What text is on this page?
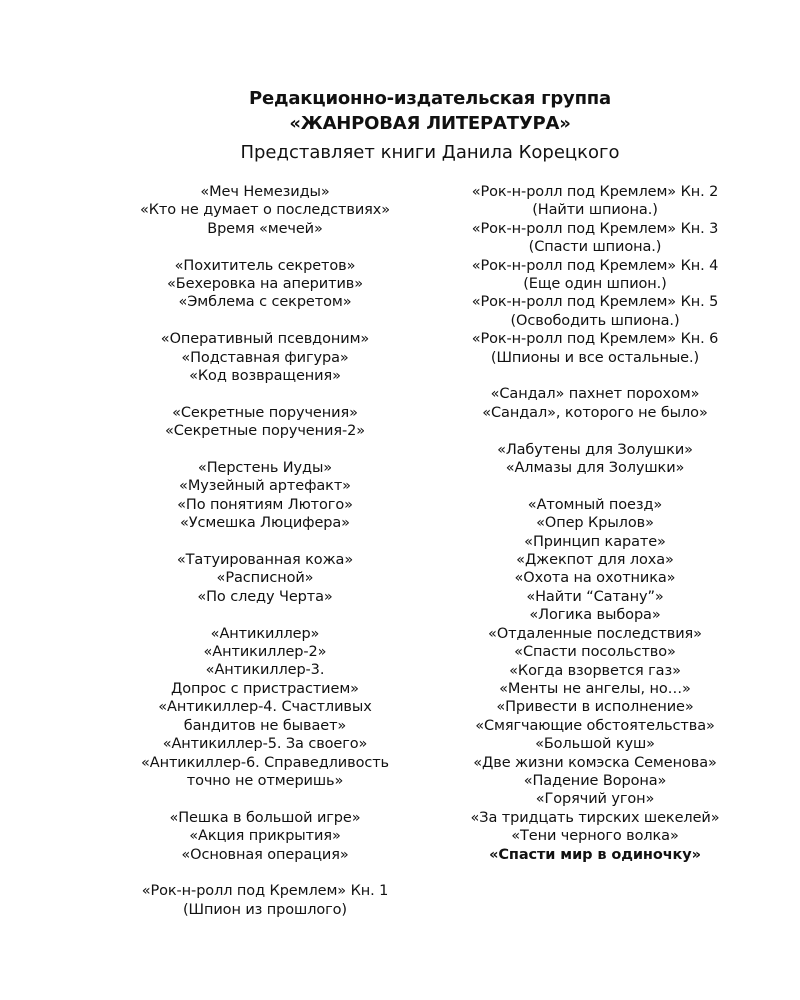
Редакционно-издательская группа
«ЖАНРОВАЯ ЛИТЕРАТУРА»
Представляет книги Данила Корецкого
«Меч Немезиды»
«Кто не думает о последствиях»
Время «мечей»
«Похититель секретов»
«Бехеровка на аперитив»
«Эмблема с секретом»
«Оперативный псевдоним»
«Подставная фигура»
«Код возвращения»
«Секретные поручения»
«Секретные поручения-2»
«Перстень Иуды»
«Музейный артефакт»
«По понятиям Лютого»
«Усмешка Люцифера»
«Татуированная кожа»
«Расписной»
«По следу Черта»
«Антикиллер»
«Антикиллер-2»
«Антикиллер-3.
Допрос с пристрастием»
«Антикиллер-4. Счастливых
бандитов не бывает»
«Антикиллер-5. За своего»
«Антикиллер-6. Справедливость
точно не отмеришь»
«Пешка в большой игре»
«Акция прикрытия»
«Основная операция»
«Рок-н-ролл под Кремлем» Кн. 1
(Шпион из прошлого)
«Рок-н-ролл под Кремлем» Кн. 2
(Найти шпиона.)
«Рок-н-ролл под Кремлем» Кн. 3
(Спасти шпиона.)
«Рок-н-ролл под Кремлем» Кн. 4
(Еще один шпион.)
«Рок-н-ролл под Кремлем» Кн. 5
(Освободить шпиона.)
«Рок-н-ролл под Кремлем» Кн. 6
(Шпионы и все остальные.)
«Сандал» пахнет порохом»
«Сандал», которого не было»
«Лабутены для Золушки»
«Алмазы для Золушки»
«Атомный поезд»
«Опер Крылов»
«Принцип карате»
«Джекпот для лоха»
«Охота на охотника»
«Найти “Сатану”»
«Логика выбора»
«Отдаленные последствия»
«Спасти посольство»
«Когда взорвется газ»
«Менты не ангелы, но…»
«Привести в исполнение»
«Смягчающие обстоятельства»
«Большой куш»
«Две жизни комэска Семенова»
«Падение Ворона»
«Горячий угон»
«За тридцать тирских шекелей»
«Тени черного волка»
«Спасти мир в одиночку»
